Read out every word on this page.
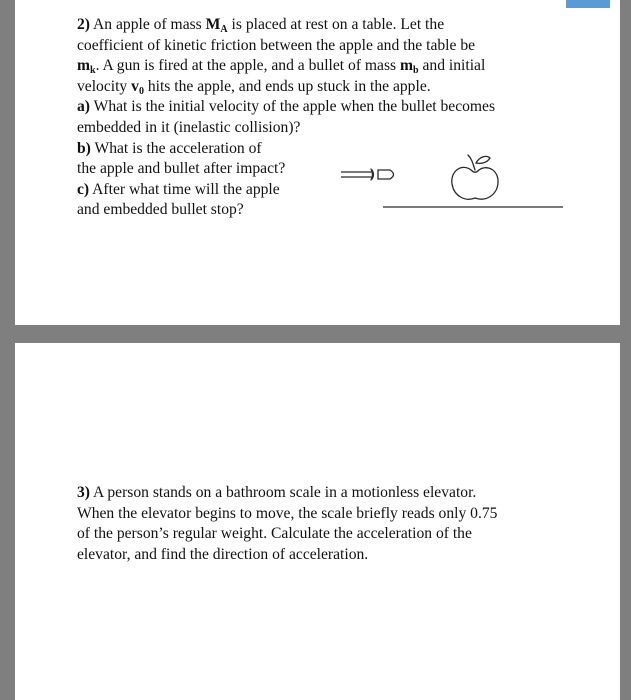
2) An apple of mass $M_A$ is placed at rest on a table. Let the

coefficient of kinetic friction between the apple and the table be

$m_k$. A gun is fired at the apple, and a bullet of mass $m_b$ and initial

velocity $v_0$ hits the apple, and ends up stuck in the apple.

a) What is the initial velocity of the apple when the bullet becomes

embedded in it (inelastic collision)?

b) What is the acceleration of

the apple and bullet after impact?

c) After what time will the apple

and embedded bullet stop?

3) A person stands on a bathroom scale in a motionless elevator.

When the elevator begins to move, the scale briefly reads only 0.75

of the person’s regular weight. Calculate the acceleration of the

elevator, and find the direction of acceleration.
